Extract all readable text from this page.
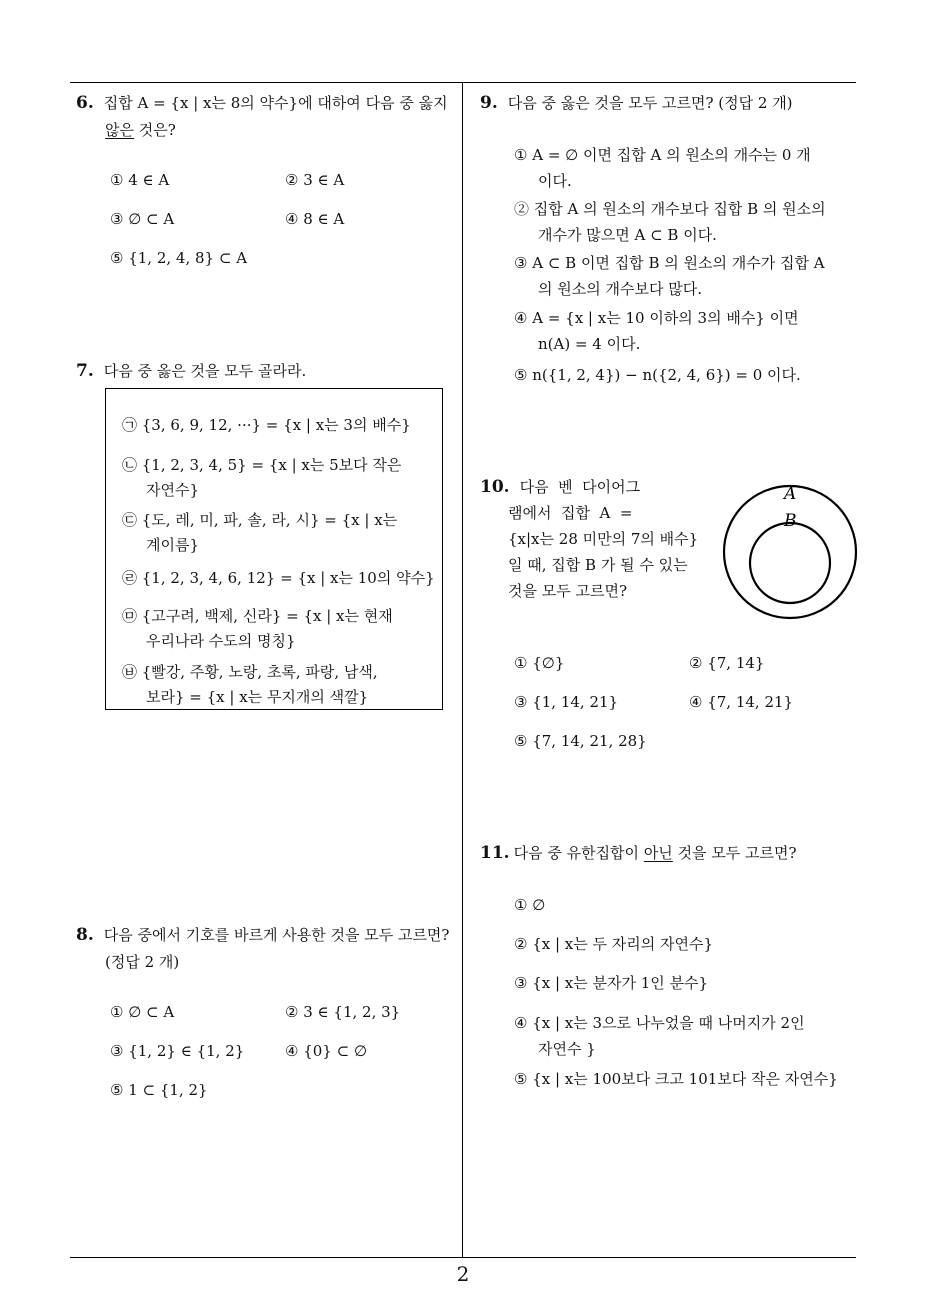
6. 집합 A = {x | x는 8의 약수}에 대하여 다음 중 옳지
않은 것은?
① 4 ∈ A	② 3 ∈ A
③ ∅ ⊂ A	④ 8 ∈ A
⑤ {1, 2, 4, 8} ⊂ A
7. 다음 중 옳은 것을 모두 골라라.
㉠ {3, 6, 9, 12, ···} = {x | x는 3의 배수}
㉡ {1, 2, 3, 4, 5} = {x | x는 5보다 작은
자연수}
㉢ {도, 레, 미, 파, 솔, 라, 시} = {x | x는
계이름}
㉣ {1, 2, 3, 4, 6, 12} = {x | x는 10의 약수}
㉤ {고구려, 백제, 신라} = {x | x는 현재
우리나라 수도의 명칭}
㉥ {빨강, 주황, 노랑, 초록, 파랑, 남색,
보라} = {x | x는 무지개의 색깔}
8. 다음 중에서 기호를 바르게 사용한 것을 모두 고르면?
(정답 2 개)
① ∅ ⊂ A	② 3 ∈ {1, 2, 3}
③ {1, 2} ∈ {1, 2}	④ {0} ⊂ ∅
⑤ 1 ⊂ {1, 2}
9. 다음 중 옳은 것을 모두 고르면? (정답 2 개)
① A = ∅ 이면 집합 A 의 원소의 개수는 0 개
이다.
② 집합 A 의 원소의 개수보다 집합 B 의 원소의
개수가 많으면 A ⊂ B 이다.
③ A ⊂ B 이면 집합 B 의 원소의 개수가 집합 A
의 원소의 개수보다 많다.
④ A = {x | x는 10 이하의 3의 배수} 이면
n(A) = 4 이다.
⑤ n({1, 2, 4}) − n({2, 4, 6}) = 0 이다.
10. 다음  벤  다이어그
램에서  집합  A  =
{x|x는 28 미만의 7의 배수}
일 때, 집합 B 가 될 수 있는
것을 모두 고르면?
A
B
① {∅}	② {7, 14}
③ {1, 14, 21}	④ {7, 14, 21}
⑤ {7, 14, 21, 28}
11. 다음 중 유한집합이 아닌 것을 모두 고르면?
① ∅
② {x | x는 두 자리의 자연수}
③ {x | x는 분자가 1인 분수}
④ {x | x는 3으로 나누었을 때 나머지가 2인
자연수 }
⑤ {x | x는 100보다 크고 101보다 작은 자연수}
2
